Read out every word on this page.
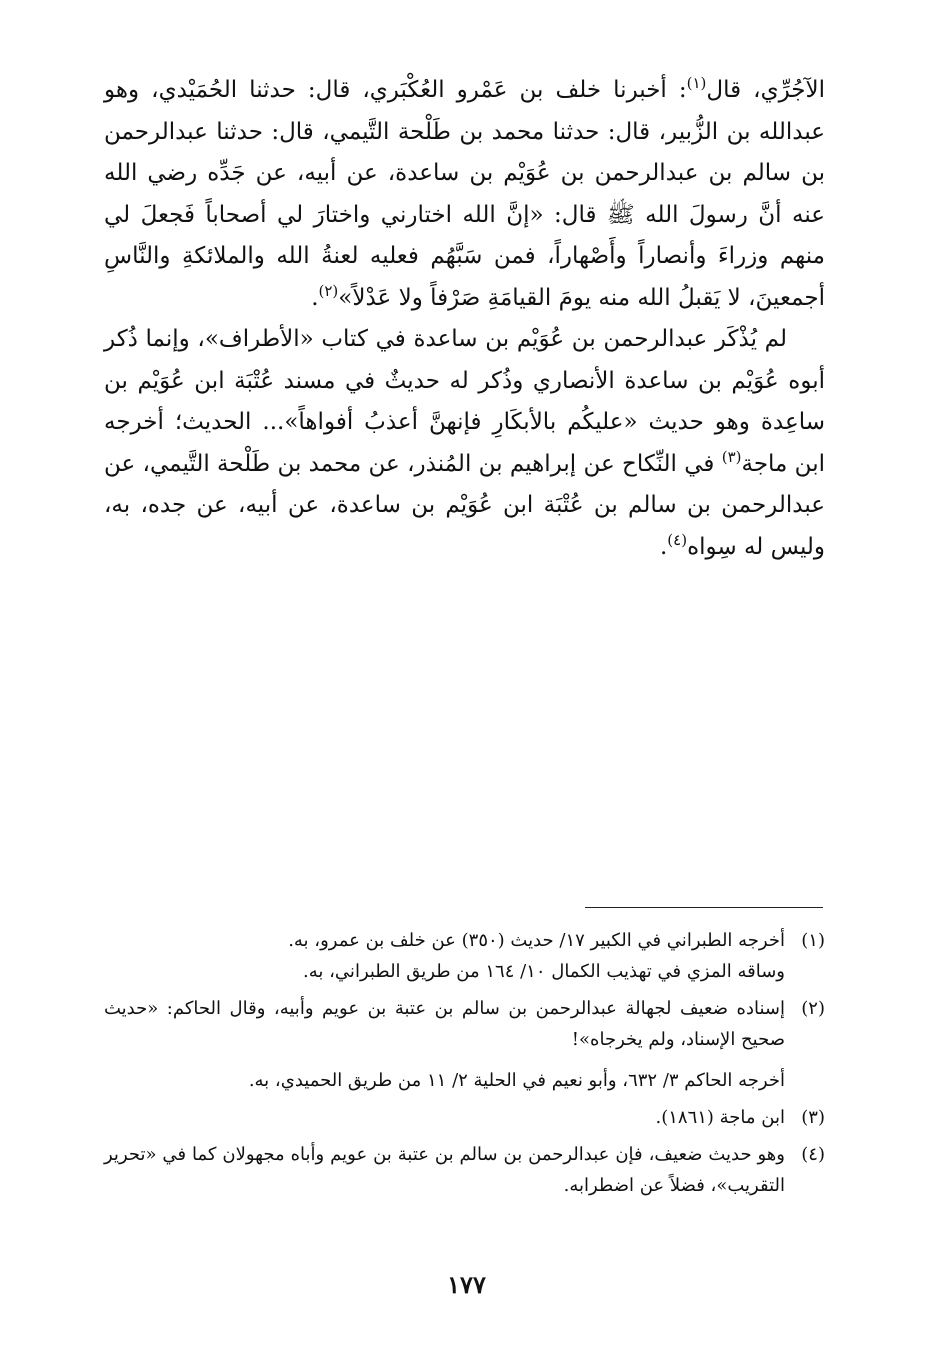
الآجُرِّي، قال$^{(١)}$: أخبرنا خلف بن عَمْرو العُكْبَري، قال: حدثنا الحُمَيْدي، وهو عبدالله بن الزُّبير، قال: حدثنا محمد بن طَلْحة التَّيمي، قال: حدثنا عبدالرحمن بن سالم بن عبدالرحمن بن عُوَيْم بن ساعدة، عن أبيه، عن جَدِّه رضي الله عنه أنَّ رسولَ الله ﷺ قال: «إنَّ الله اختارني واختارَ لي أصحاباً فَجعلَ لي منهم وزراءَ وأنصاراً وأَصْهاراً، فمن سَبَّهُم فعليه لعنةُ الله والملائكةِ والنَّاسِ أجمعينَ، لا يَقبلُ الله منه يومَ القيامَةِ صَرْفاً ولا عَدْلاً»$^{(٢)}$.

لم يُذْكَر عبدالرحمن بن عُوَيْم بن ساعدة في كتاب «الأطراف»، وإنما ذُكر أبوه عُوَيْم بن ساعدة الأنصاري وذُكر له حديثٌ في مسند عُتْبَة ابن عُوَيْم بن ساعِدة وهو حديث «عليكُم بالأبكَارِ فإنهنَّ أعذبُ أفواهاً»... الحديث؛ أخرجه ابن ماجة$^{(٣)}$ في النِّكاح عن إبراهيم بن المُنذر، عن محمد بن طَلْحة التَّيمي، عن عبدالرحمن بن سالم بن عُتْبَة ابن عُوَيْم بن ساعدة، عن أبيه، عن جده، به، وليس له سِواه$^{(٤)}$.

(١)

أخرجه الطبراني في الكبير ١٧/ حديث (٣٥٠) عن خلف بن عمرو، به.

وساقه المزي في تهذيب الكمال ١٠/ ١٦٤ من طريق الطبراني، به.

(٢)

إسناده ضعيف لجهالة عبدالرحمن بن سالم بن عتبة بن عويم وأبيه، وقال الحاكم: «حديث صحيح الإسناد، ولم يخرجاه»!

أخرجه الحاكم ٣/ ٦٣٢، وأبو نعيم في الحلية ٢/ ١١ من طريق الحميدي، به.

(٣)

ابن ماجة (١٨٦١).

(٤)

وهو حديث ضعيف، فإن عبدالرحمن بن سالم بن عتبة بن عويم وأباه مجهولان كما في «تحرير التقريب»، فضلاً عن اضطرابه.

١٧٧
